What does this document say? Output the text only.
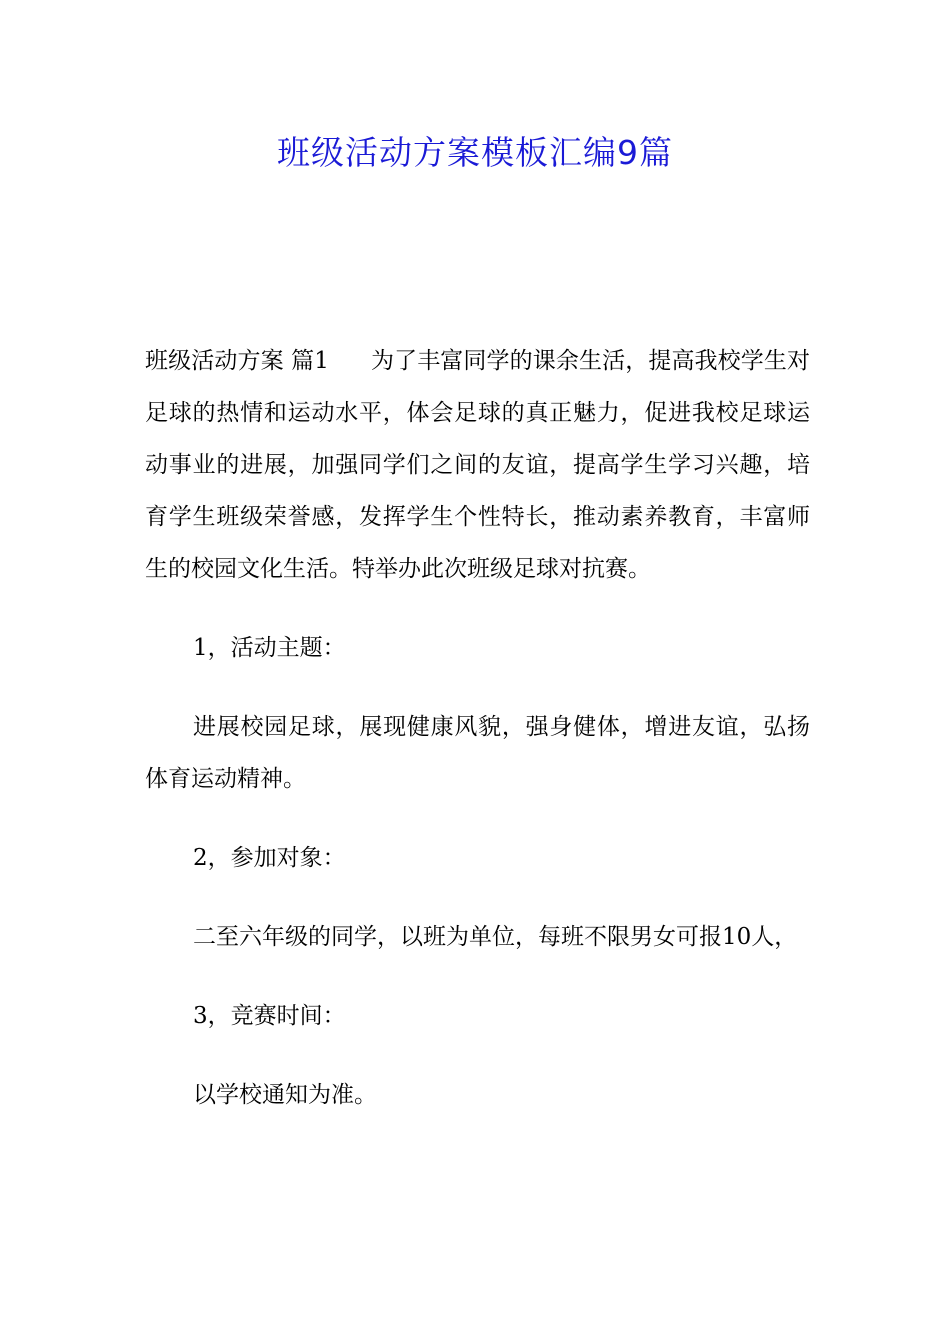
班级活动方案模板汇编9篇

班级活动方案 篇1 为了丰富同学的课余生活，提高我校学生对足球的热情和运动水平，体会足球的真正魅力，促进我校足球运动事业的进展，加强同学们之间的友谊，提高学生学习兴趣，培育学生班级荣誉感，发挥学生个性特长，推动素养教育，丰富师生的校园文化生活。特举办此次班级足球对抗赛。

1，活动主题：

进展校园足球，展现健康风貌，强身健体，增进友谊，弘扬体育运动精神。

2，参加对象：

二至六年级的同学，以班为单位，每班不限男女可报10人，

3，竞赛时间：

以学校通知为准。
